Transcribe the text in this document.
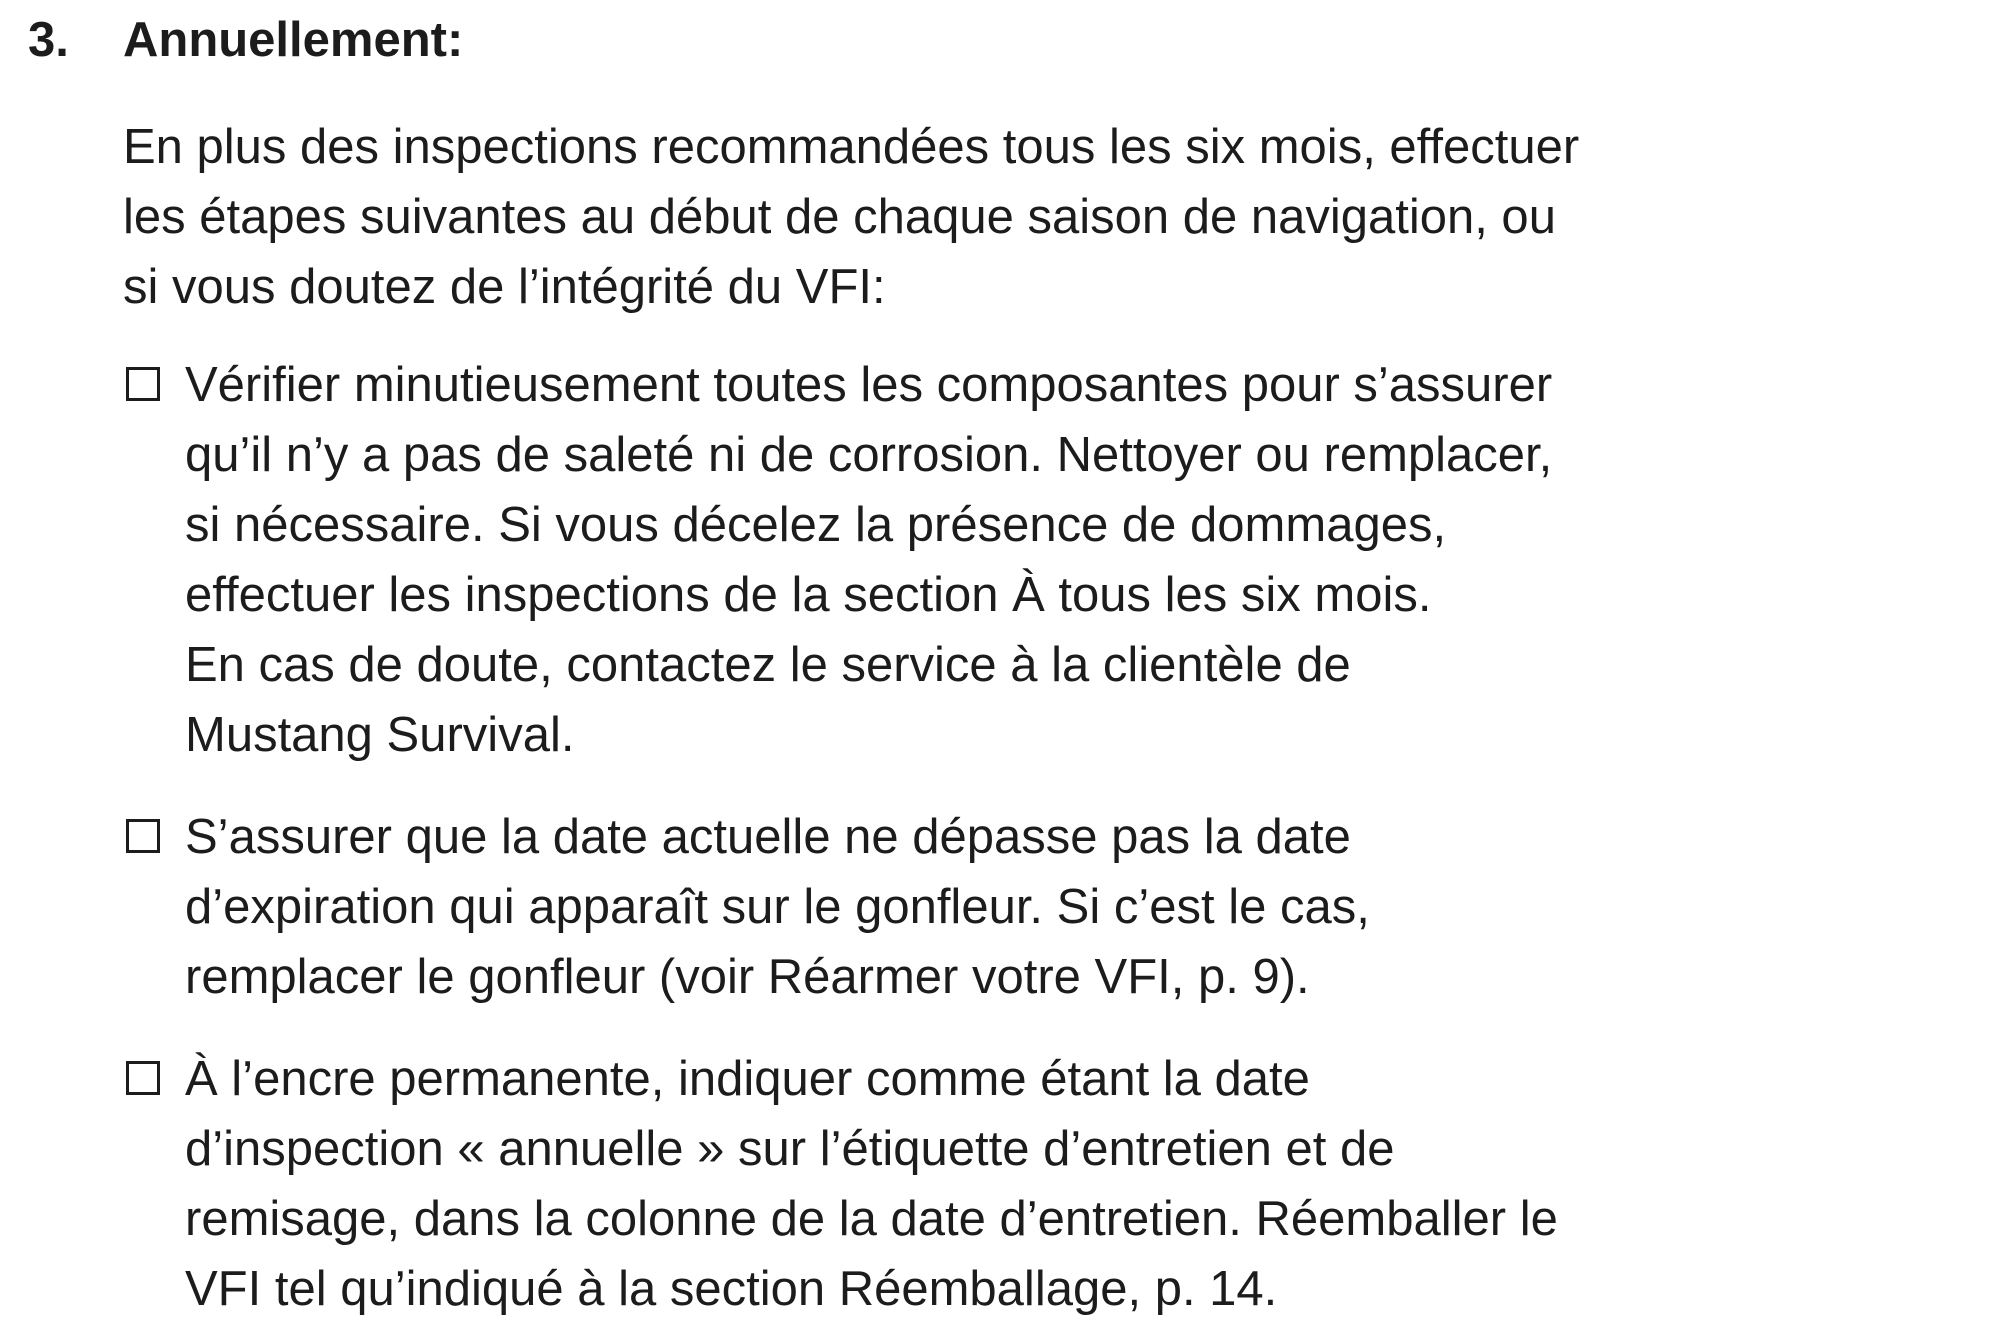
3. Annuellement:

En plus des inspections recommandées tous les six mois, effectuer
les étapes suivantes au début de chaque saison de navigation, ou
si vous doutez de l’intégrité du VFI:

Vérifier minutieusement toutes les composantes pour s’assurer
qu’il n’y a pas de saleté ni de corrosion. Nettoyer ou remplacer,
si nécessaire. Si vous décelez la présence de dommages,
effectuer les inspections de la section À tous les six mois.
En cas de doute, contactez le service à la clientèle de
Mustang Survival.
S’assurer que la date actuelle ne dépasse pas la date
d’expiration qui apparaît sur le gonfleur. Si c’est le cas,
remplacer le gonfleur (voir Réarmer votre VFI, p. 9).
À l’encre permanente, indiquer comme étant la date
d’inspection « annuelle » sur l’étiquette d’entretien et de
remisage, dans la colonne de la date d’entretien. Réemballer le
VFI tel qu’indiqué à la section Réemballage, p. 14.
